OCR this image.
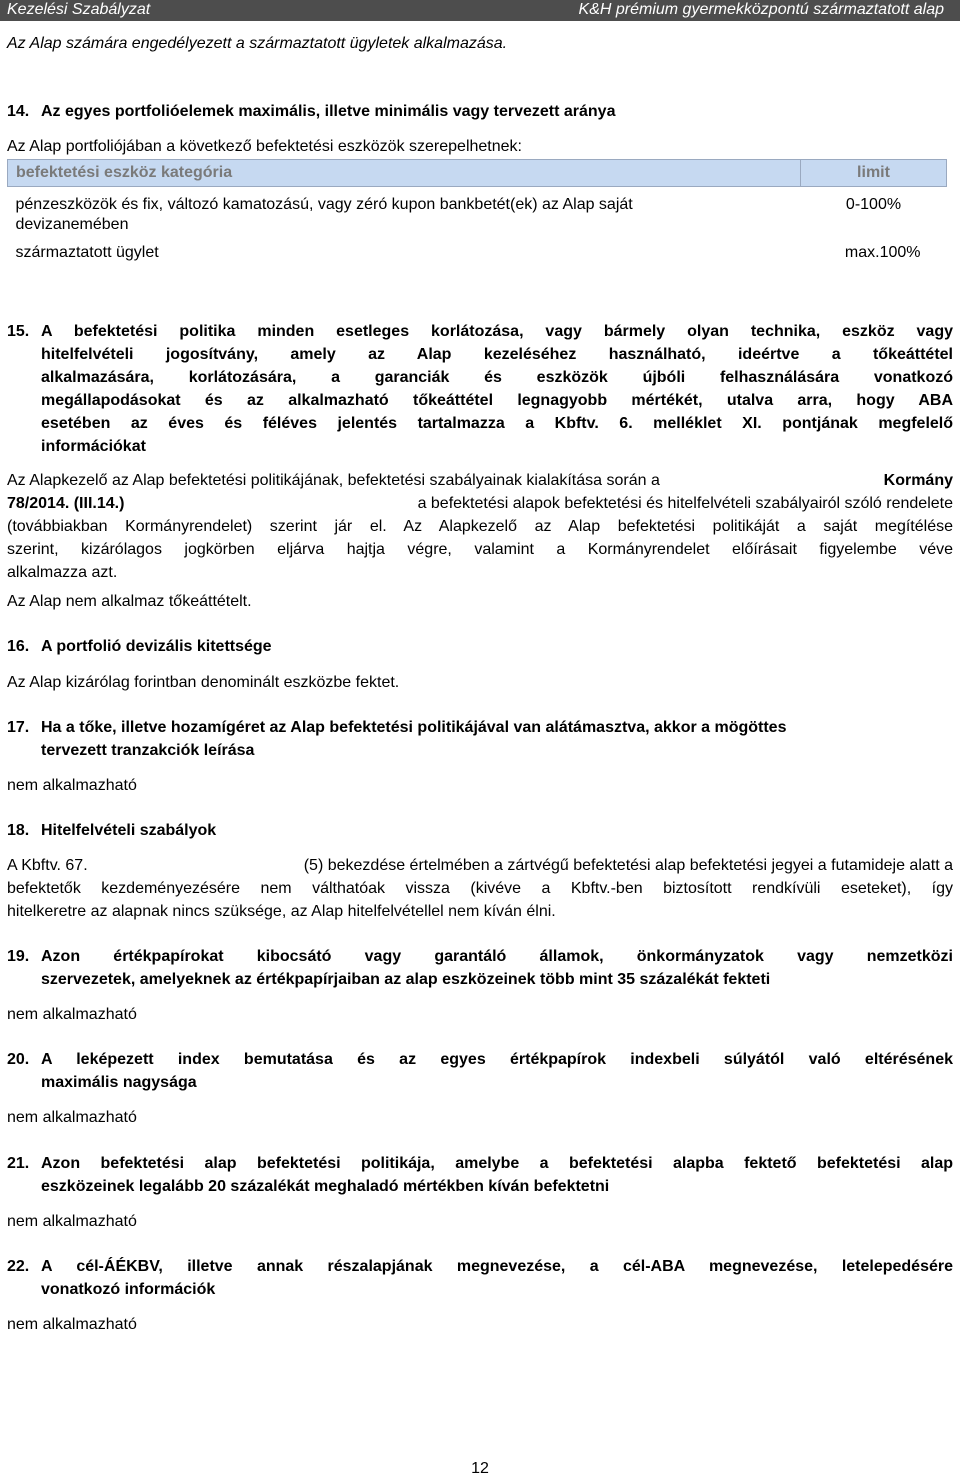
Kezelési Szabályzat	K&H prémium gyermekközpontú származtatott alap
Az Alap számára engedélyezett a származtatott ügyletek alkalmazása.
14. Az egyes portfolióelemek maximális, illetve minimális vagy tervezett aránya
Az Alap portfoliójában a következő befektetési eszközök szerepelhetnek:
befektetési eszköz kategória	limit

pénzeszközök és fix, változó kamatozású, vagy zéró kupon bankbetét(ek) az Alap saját
devizanemében	0-100%
származtatott ügylet	max.100%
15. A befektetési politika minden esetleges korlátozása, vagy bármely olyan technika, eszköz vagy
hitelfelvételi jogosítvány, amely az Alap kezeléséhez használható, ideértve a tőkeáttétel
alkalmazására, korlátozására, a garanciák és eszközök újbóli felhasználására vonatkozó
megállapodásokat és az alkalmazható tőkeáttétel legnagyobb mértékét, utalva arra, hogy ABA
esetében az éves és féléves jelentés tartalmazza a Kbftv. 6. melléklet XI. pontjának megfelelő
információkat
Az Alapkezelő az Alap befektetési politikájának, befektetési szabályainak kialakítása során a	Kormány
78/2014. (III.14.)	a befektetési alapok befektetési és hitelfelvételi szabályairól szóló rendelete
(továbbiakban Kormányrendelet) szerint jár el. Az Alapkezelő az Alap befektetési politikáját a saját megítélése
szerint, kizárólagos jogkörben eljárva hajtja végre, valamint a Kormányrendelet előírásait figyelembe véve
alkalmazza azt.
Az Alap nem alkalmaz tőkeáttételt.
16. A portfolió devizális kitettsége
Az Alap kizárólag forintban denominált eszközbe fektet.
17. Ha a tőke, illetve hozamígéret az Alap befektetési politikájával van alátámasztva, akkor a mögöttes
tervezett tranzakciók leírása
nem alkalmazható
18. Hitelfelvételi szabályok
A Kbftv. 67.	(5) bekezdése értelmében a zártvégű befektetési alap befektetési jegyei a futamideje alatt a
befektetők kezdeményezésére nem válthatóak vissza (kivéve a Kbftv.-ben biztosított rendkívüli eseteket), így
hitelkeretre az alapnak nincs szüksége, az Alap hitelfelvétellel nem kíván élni.
19. Azon értékpapírokat kibocsátó vagy garantáló államok, önkormányzatok vagy nemzetközi
szervezetek, amelyeknek az értékpapírjaiban az alap eszközeinek több mint 35 százalékát fekteti
nem alkalmazható
20. A leképezett index bemutatása és az egyes értékpapírok indexbeli súlyától való eltérésének
maximális nagysága
nem alkalmazható
21. Azon befektetési alap befektetési politikája, amelybe a befektetési alapba fektető befektetési alap
eszközeinek legalább 20 százalékát meghaladó mértékben kíván befektetni
nem alkalmazható
22. A cél-ÁÉKBV, illetve annak részalapjának megnevezése, a cél-ABA megnevezése, letelepedésére
vonatkozó információk
nem alkalmazható
12
